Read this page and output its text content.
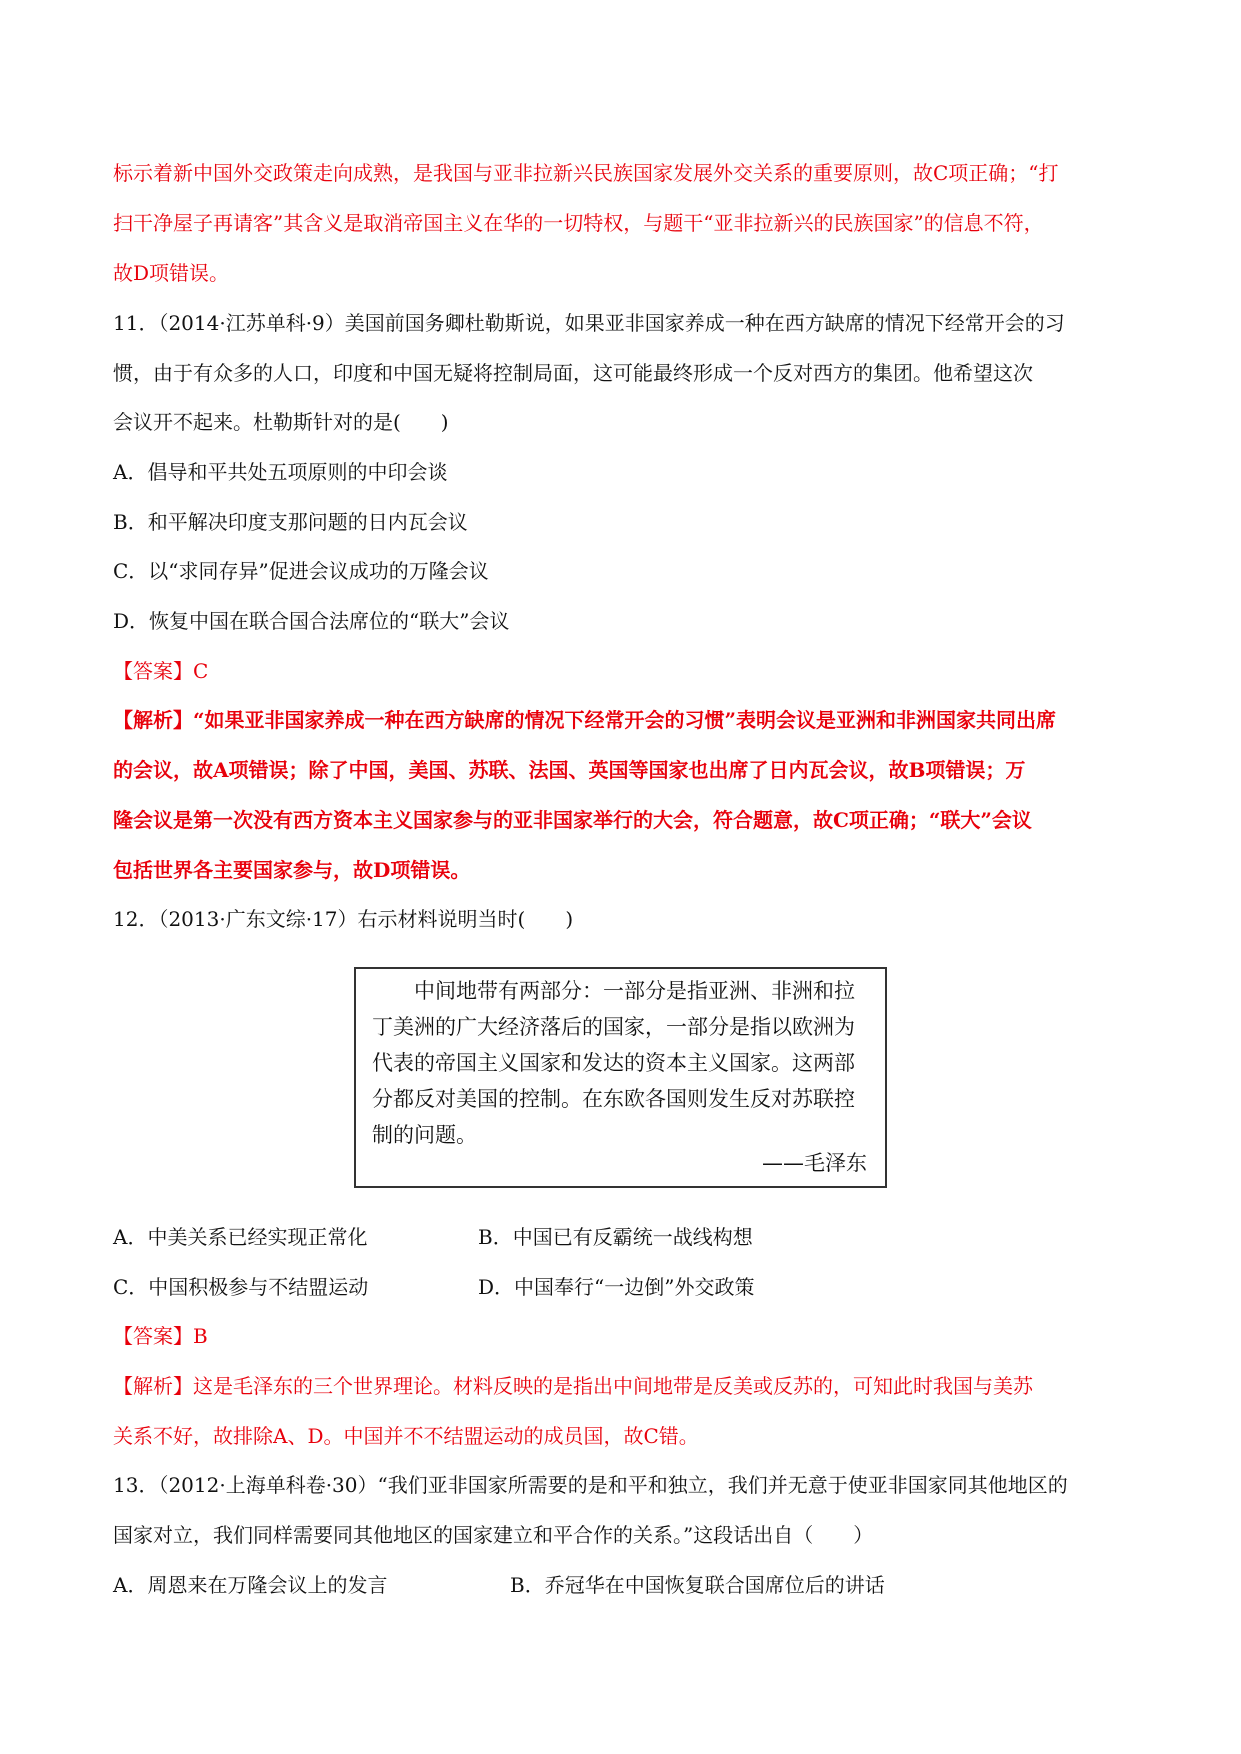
标示着新中国外交政策走向成熟，是我国与亚非拉新兴民族国家发展外交关系的重要原则，故C项正确；“打
扫干净屋子再请客”其含义是取消帝国主义在华的一切特权，与题干“亚非拉新兴的民族国家”的信息不符，
故D项错误。
11．（2014·江苏单科·9）美国前国务卿杜勒斯说，如果亚非国家养成一种在西方缺席的情况下经常开会的习
惯，由于有众多的人口，印度和中国无疑将控制局面，这可能最终形成一个反对西方的集团。他希望这次
会议开不起来。杜勒斯针对的是(　　)
A．倡导和平共处五项原则的中印会谈
B．和平解决印度支那问题的日内瓦会议
C．以“求同存异”促进会议成功的万隆会议
D．恢复中国在联合国合法席位的“联大”会议
【答案】C
【解析】“如果亚非国家养成一种在西方缺席的情况下经常开会的习惯”表明会议是亚洲和非洲国家共同出席
的会议，故A项错误；除了中国，美国、苏联、法国、英国等国家也出席了日内瓦会议，故B项错误；万
隆会议是第一次没有西方资本主义国家参与的亚非国家举行的大会，符合题意，故C项正确；“联大”会议
包括世界各主要国家参与，故D项错误。
12．（2013·广东文综·17）右示材料说明当时(　　)
　　中间地带有两部分：一部分是指亚洲、非洲和拉
丁美洲的广大经济落后的国家，一部分是指以欧洲为
代表的帝国主义国家和发达的资本主义国家。这两部
分都反对美国的控制。在东欧各国则发生反对苏联控
制的问题。
——毛泽东
A．中美关系已经实现正常化	B．中国已有反霸统一战线构想
C．中国积极参与不结盟运动	D．中国奉行“一边倒”外交政策
【答案】B
【解析】这是毛泽东的三个世界理论。材料反映的是指出中间地带是反美或反苏的，可知此时我国与美苏
关系不好，故排除A、D。中国并不不结盟运动的成员国，故C错。
13．（2012·上海单科卷·30）“我们亚非国家所需要的是和平和独立，我们并无意于使亚非国家同其他地区的
国家对立，我们同样需要同其他地区的国家建立和平合作的关系。”这段话出自（　　）
A．周恩来在万隆会议上的发言	B．乔冠华在中国恢复联合国席位后的讲话
